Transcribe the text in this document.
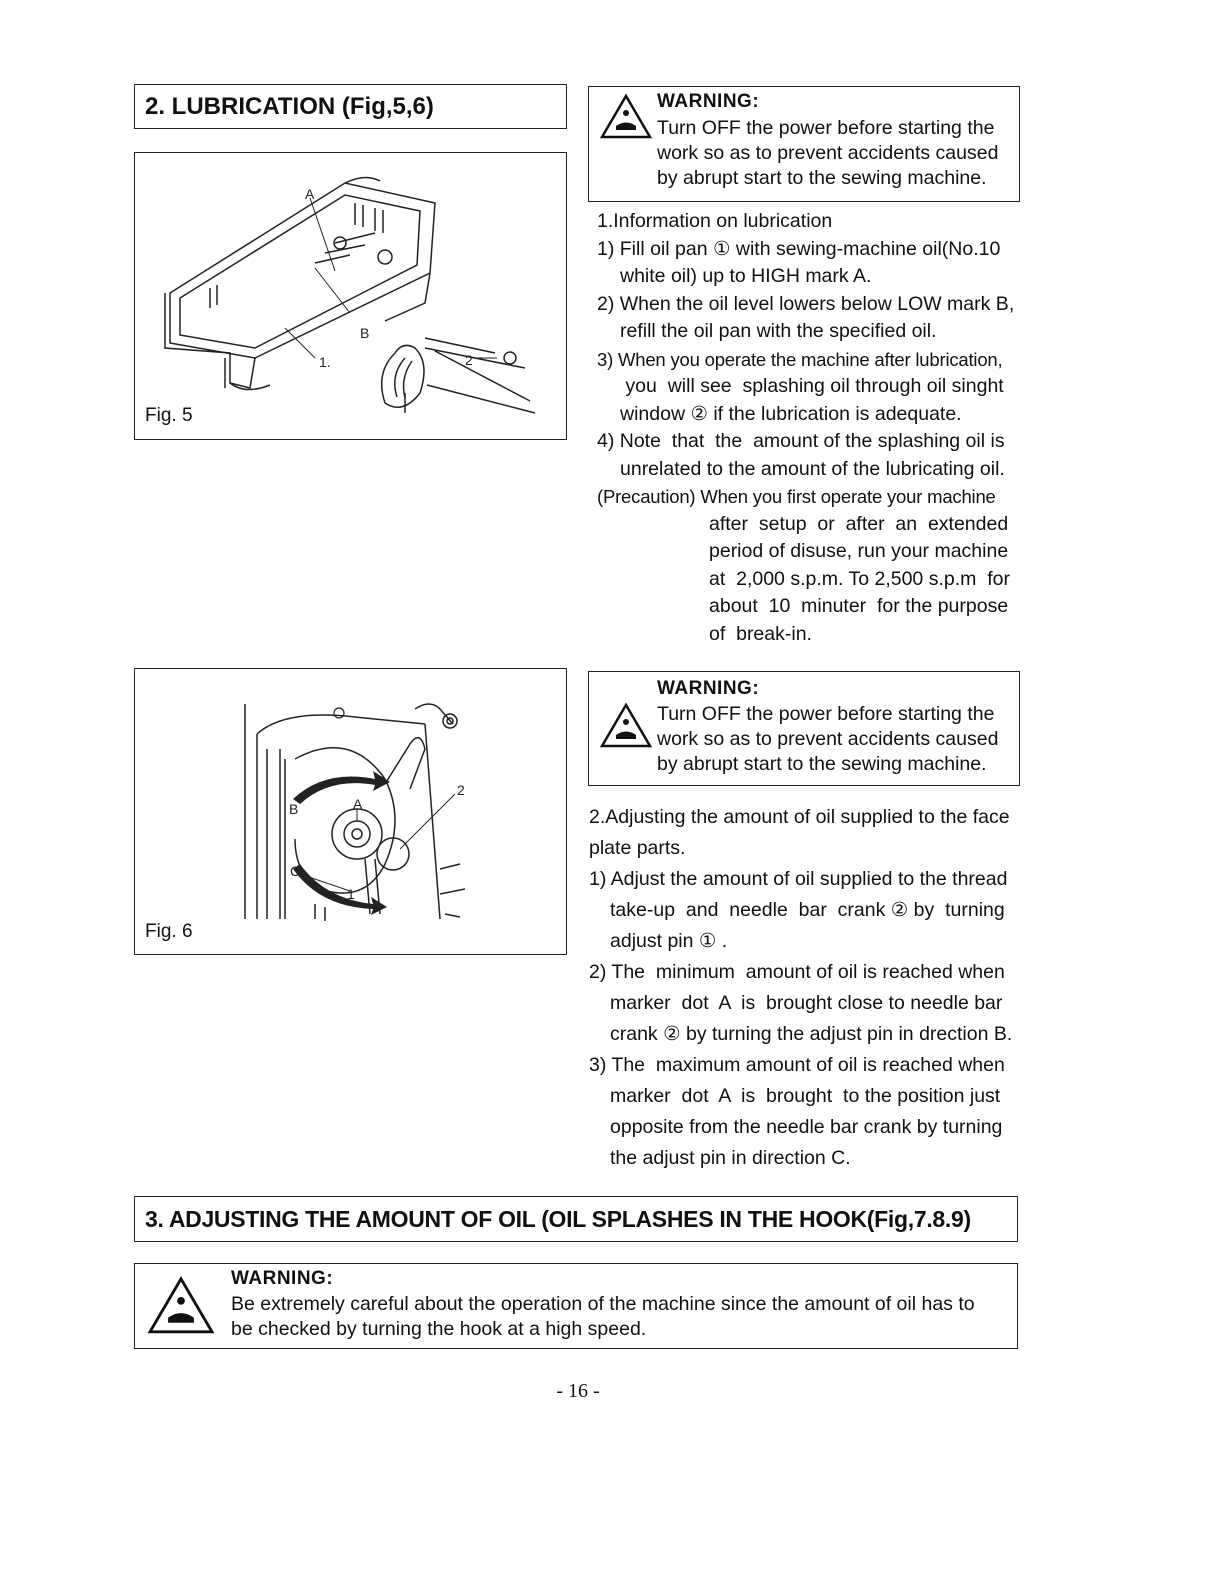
2. LUBRICATION (Fig,5,6)
A
B
1.	2
Fig. 5
A
B
C
1
2
Fig. 6
WARNING:
Turn OFF the power before starting the
work so as to prevent accidents caused
by abrupt start to the sewing machine.

1.Information on lubrication

1) Fill oil pan ① with sewing-machine oil(No.10

white oil) up to HIGH mark A.

2) When the oil level lowers below LOW mark B,

refill the oil pan with the specified oil.

3) When you operate the machine after lubrication,

you  will see  splashing oil through oil singht

window ② if the lubrication is adequate.

4) Note  that  the  amount of the splashing oil is

unrelated to the amount of the lubricating oil.

(Precaution) When you first operate your machine

after  setup  or  after  an  extended

period of disuse, run your machine

at  2,000 s.p.m. To 2,500 s.p.m  for

about  10  minuter  for the purpose

of  break-in.

WARNING:
Turn OFF the power before starting the
work so as to prevent accidents caused
by abrupt start to the sewing machine.

2.Adjusting the amount of oil supplied to the face

plate parts.

1) Adjust the amount of oil supplied to the thread

take-up  and  needle  bar  crank ② by  turning

adjust pin ① .

2) The  minimum  amount of oil is reached when

marker  dot  A  is  brought close to needle bar

crank ② by turning the adjust pin in drection B.

3) The  maximum amount of oil is reached when

marker  dot  A  is  brought  to the position just

opposite from the needle bar crank by turning

the adjust pin in direction C.

3. ADJUSTING THE AMOUNT OF OIL (OIL SPLASHES IN THE HOOK(Fig,7.8.9)
WARNING:
Be extremely careful about the operation of the machine since the amount of oil has to
be checked by turning the hook at a high speed.
- 16 -
